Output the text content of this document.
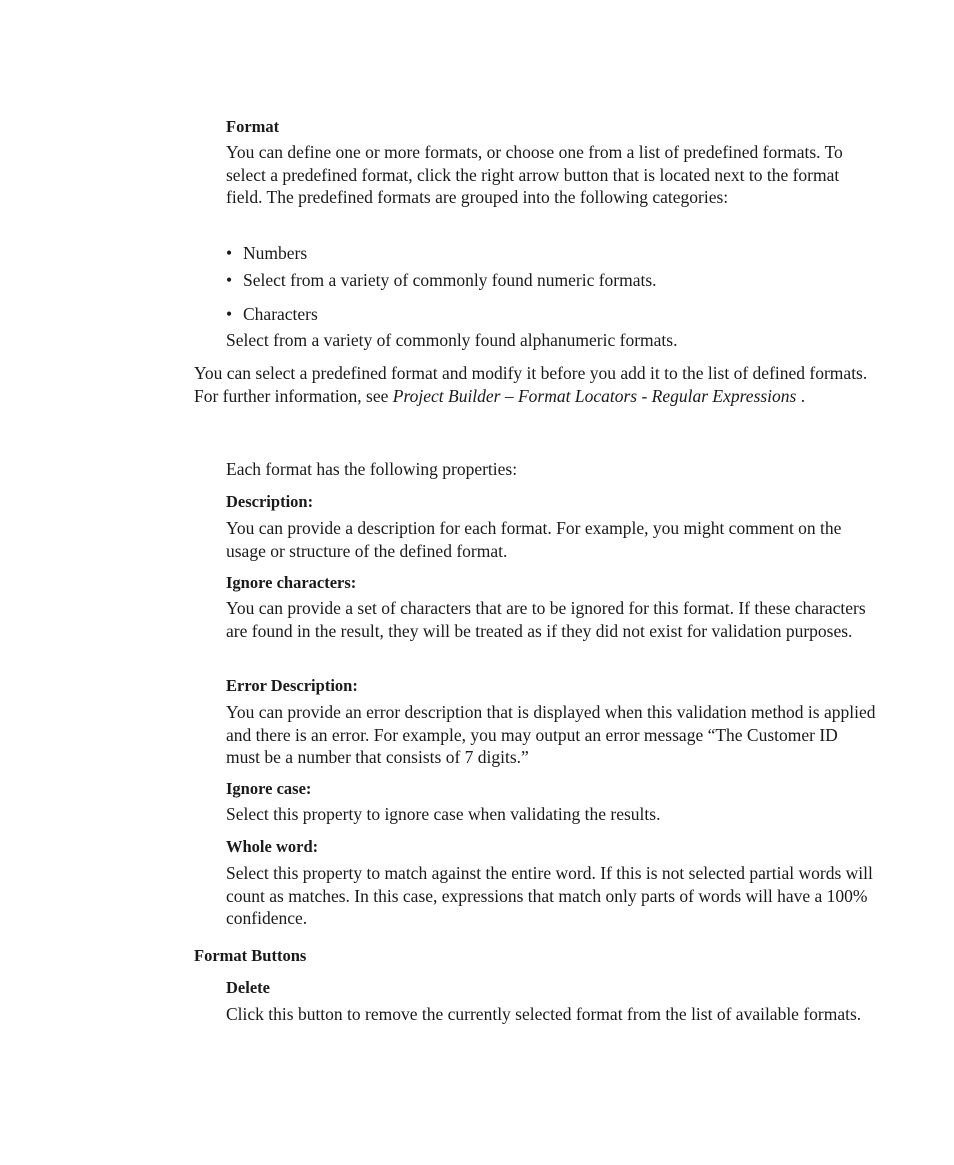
Format

You can define one or more formats, or choose one from a list of predefined formats. To select a predefined format, click the right arrow button that is located next to the format field. The predefined formats are grouped into the following categories:

• Numbers
• Select from a variety of commonly found numeric formats.
• Characters

Select from a variety of commonly found alphanumeric formats.

You can select a predefined format and modify it before you add it to the list of defined formats. For further information, see Project Builder – Format Locators - Regular Expressions .

Each format has the following properties:

Description:

You can provide a description for each format. For example, you might comment on the usage or structure of the defined format.

Ignore characters:

You can provide a set of characters that are to be ignored for this format. If these characters are found in the result, they will be treated as if they did not exist for validation purposes.

Error Description:

You can provide an error description that is displayed when this validation method is applied and there is an error. For example, you may output an error message “The Customer ID must be a number that consists of 7 digits.”

Ignore case:

Select this property to ignore case when validating the results.

Whole word:

Select this property to match against the entire word. If this is not selected partial words will count as matches. In this case, expressions that match only parts of words will have a 100% confidence.

Format Buttons
Delete

Click this button to remove the currently selected format from the list of available formats.
